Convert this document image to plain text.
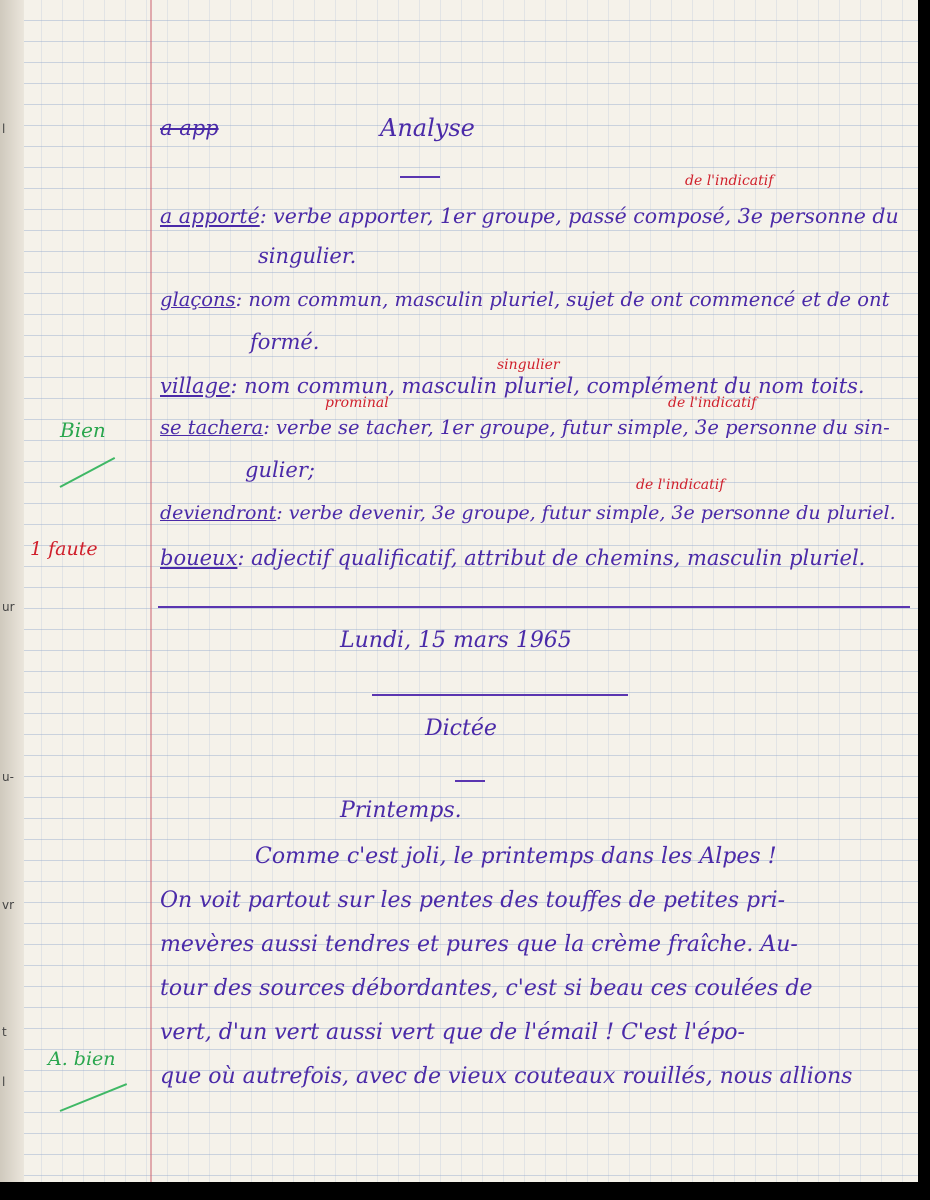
l
ur
u-
vr
t
l
a app	Analyse
de l'indicatif
a apporté: verbe apporter, 1er groupe, passé composé, 3e personne du
singulier.
glaçons: nom commun, masculin pluriel, sujet de ont commencé et de ont
formé.
singulier
village: nom commun, masculin pluriel, complément du nom toits.
prominal	de l'indicatif
se tachera: verbe se tacher, 1er groupe, futur simple, 3e personne du sin-
gulier;
de l'indicatif
deviendront: verbe devenir, 3e groupe, futur simple, 3e personne du pluriel.
boueux: adjectif qualificatif, attribut de chemins, masculin pluriel.
Bien
1 faute
A. bien
Lundi, 15 mars 1965
Dictée
Printemps.
Comme c'est joli, le printemps dans les Alpes !
On voit partout sur les pentes des touffes de petites pri-
mevères aussi tendres et pures que la crème fraîche. Au-
tour des sources débordantes, c'est si beau ces coulées de
vert, d'un vert aussi vert que de l'émail ! C'est l'épo-
que où autrefois, avec de vieux couteaux rouillés, nous allions
